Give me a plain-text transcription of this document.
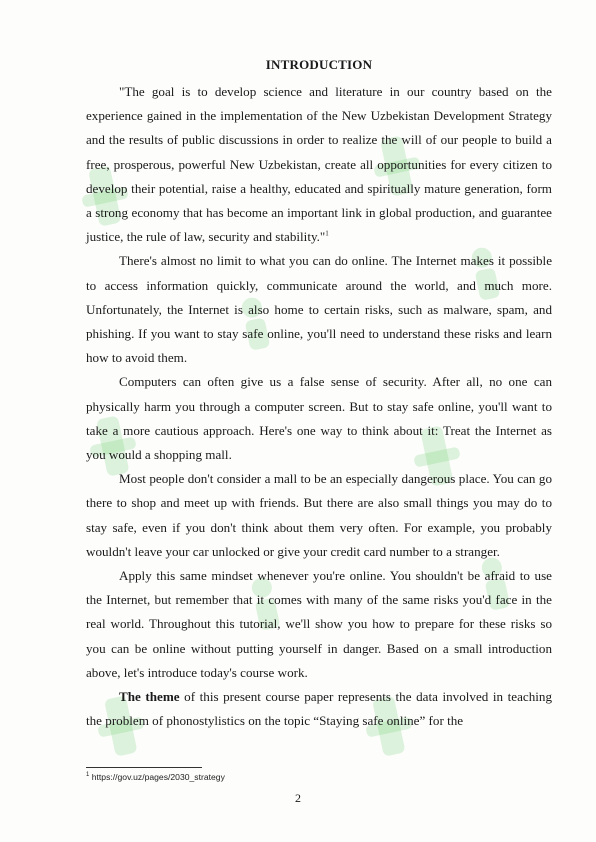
INTRODUCTION

"The goal is to develop science and literature in our country based on the experience gained in the implementation of the New Uzbekistan Development Strategy and the results of public discussions in order to realize the will of our people to build a free, prosperous, powerful New Uzbekistan, create all opportunities for every citizen to develop their potential, raise a healthy, educated and spiritually mature generation, form a strong economy that has become an important link in global production, and guarantee justice, the rule of law, security and stability."$^1$

There's almost no limit to what you can do online. The Internet makes it possible to access information quickly, communicate around the world, and much more. Unfortunately, the Internet is also home to certain risks, such as malware, spam, and phishing. If you want to stay safe online, you'll need to understand these risks and learn how to avoid them.

Computers can often give us a false sense of security. After all, no one can physically harm you through a computer screen. But to stay safe online, you'll want to take a more cautious approach. Here's one way to think about it: Treat the Internet as you would a shopping mall.

Most people don't consider a mall to be an especially dangerous place. You can go there to shop and meet up with friends. But there are also small things you may do to stay safe, even if you don't think about them very often. For example, you probably wouldn't leave your car unlocked or give your credit card number to a stranger.

Apply this same mindset whenever you're online. You shouldn't be afraid to use the Internet, but remember that it comes with many of the same risks you'd face in the real world. Throughout this tutorial, we'll show you how to prepare for these risks so you can be online without putting yourself in danger. Based on a small introduction above, let's introduce today's course work.

The theme of this present course paper represents the data involved in teaching the problem of phonostylistics on the topic “Staying safe online” for the

$^1$ https://gov.uz/pages/2030_strategy
2
